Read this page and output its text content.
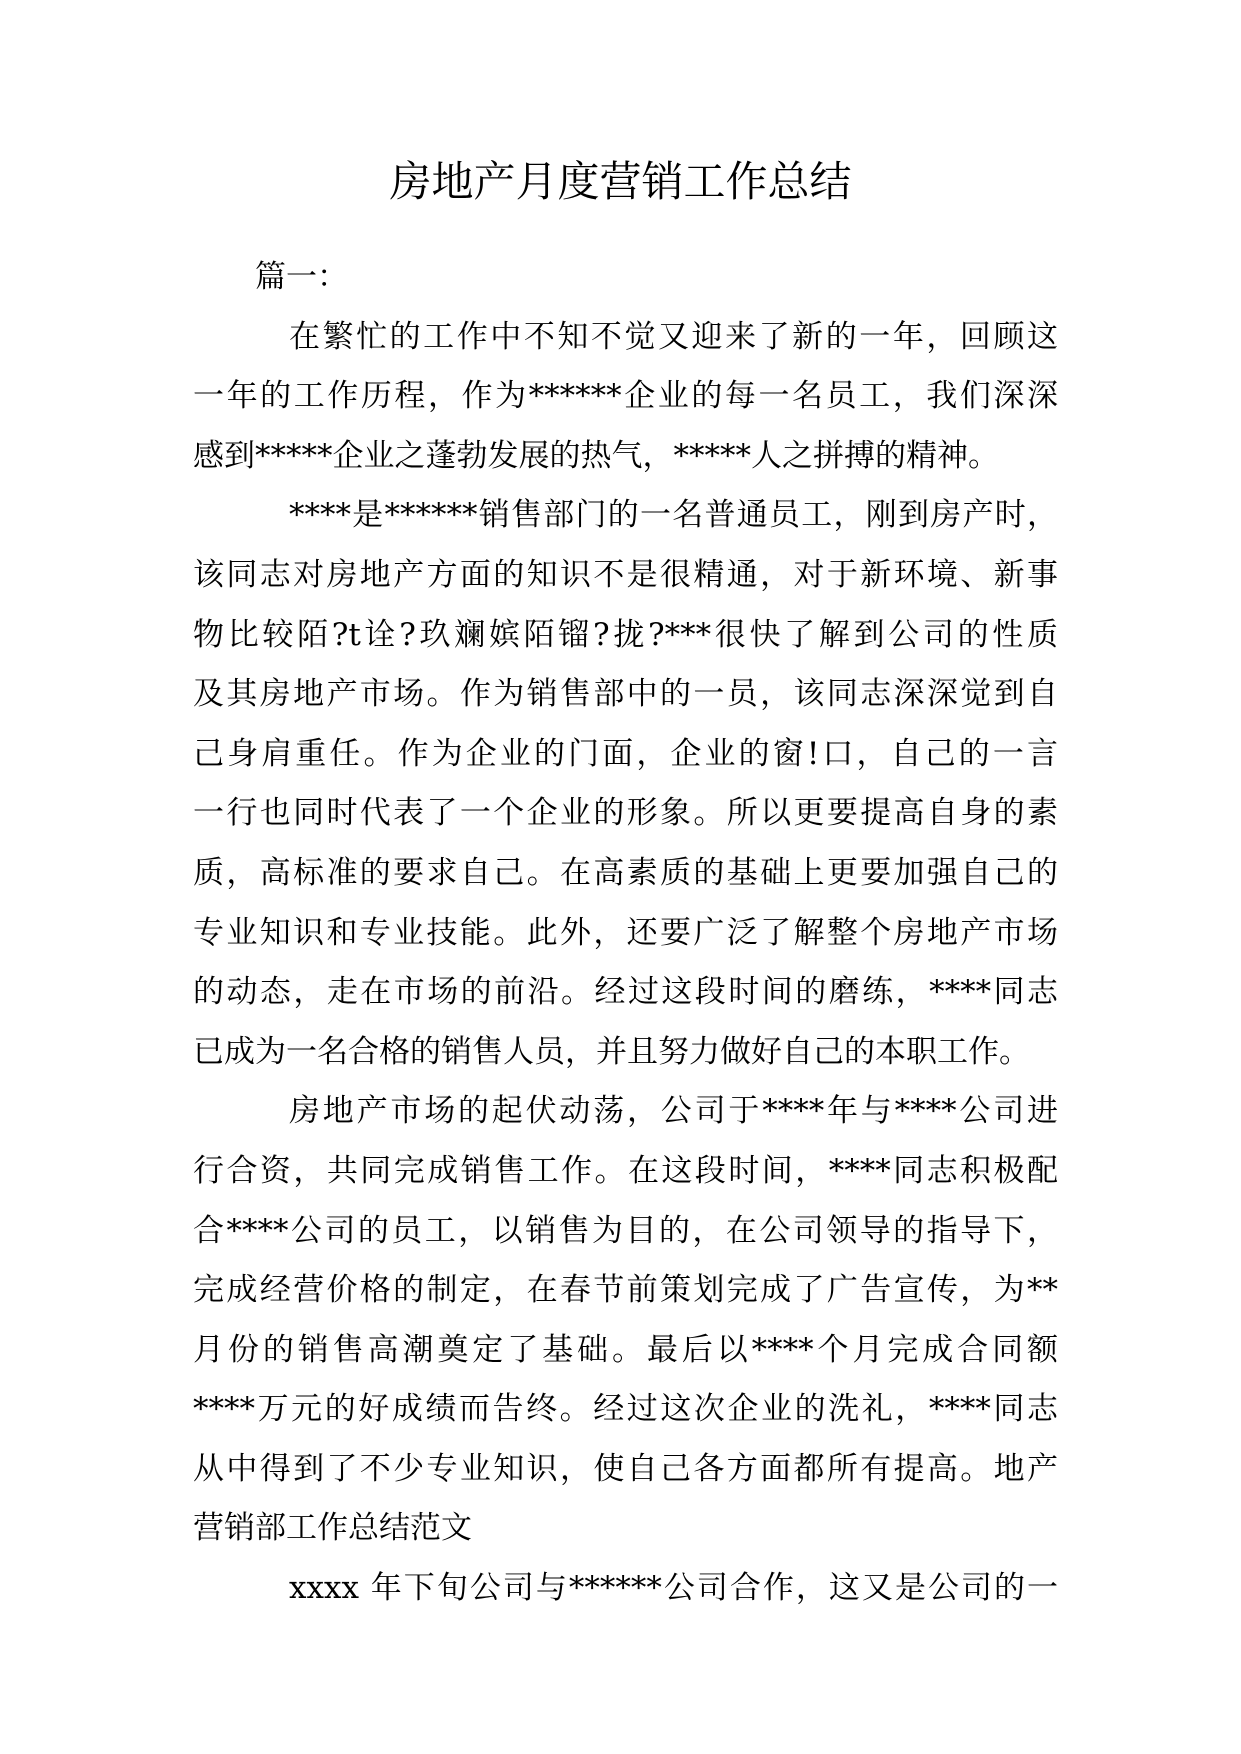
房地产月度营销工作总结
篇一：
在繁忙的工作中不知不觉又迎来了新的一年，回顾这
一年的工作历程，作为******企业的每一名员工，我们深深
感到*****企业之蓬勃发展的热气，*****人之拼搏的精神。
****是******销售部门的一名普通员工，刚到房产时，
该同志对房地产方面的知识不是很精通，对于新环境、新事
物比较陌?t诠?玖斓嫔陌镏?拢?***很快了解到公司的性质
及其房地产市场。作为销售部中的一员，该同志深深觉到自
己身肩重任。作为企业的门面，企业的窗!口，自己的一言
一行也同时代表了一个企业的形象。所以更要提高自身的素
质，高标准的要求自己。在高素质的基础上更要加强自己的
专业知识和专业技能。此外，还要广泛了解整个房地产市场
的动态，走在市场的前沿。经过这段时间的磨练，****同志
已成为一名合格的销售人员，并且努力做好自己的本职工作。
房地产市场的起伏动荡，公司于****年与****公司进
行合资，共同完成销售工作。在这段时间，****同志积极配
合****公司的员工，以销售为目的，在公司领导的指导下，
完成经营价格的制定，在春节前策划完成了广告宣传，为**
月份的销售高潮奠定了基础。最后以****个月完成合同额
****万元的好成绩而告终。经过这次企业的洗礼，****同志
从中得到了不少专业知识，使自己各方面都所有提高。地产
营销部工作总结范文
xxxx 年下旬公司与******公司合作，这又是公司的一
